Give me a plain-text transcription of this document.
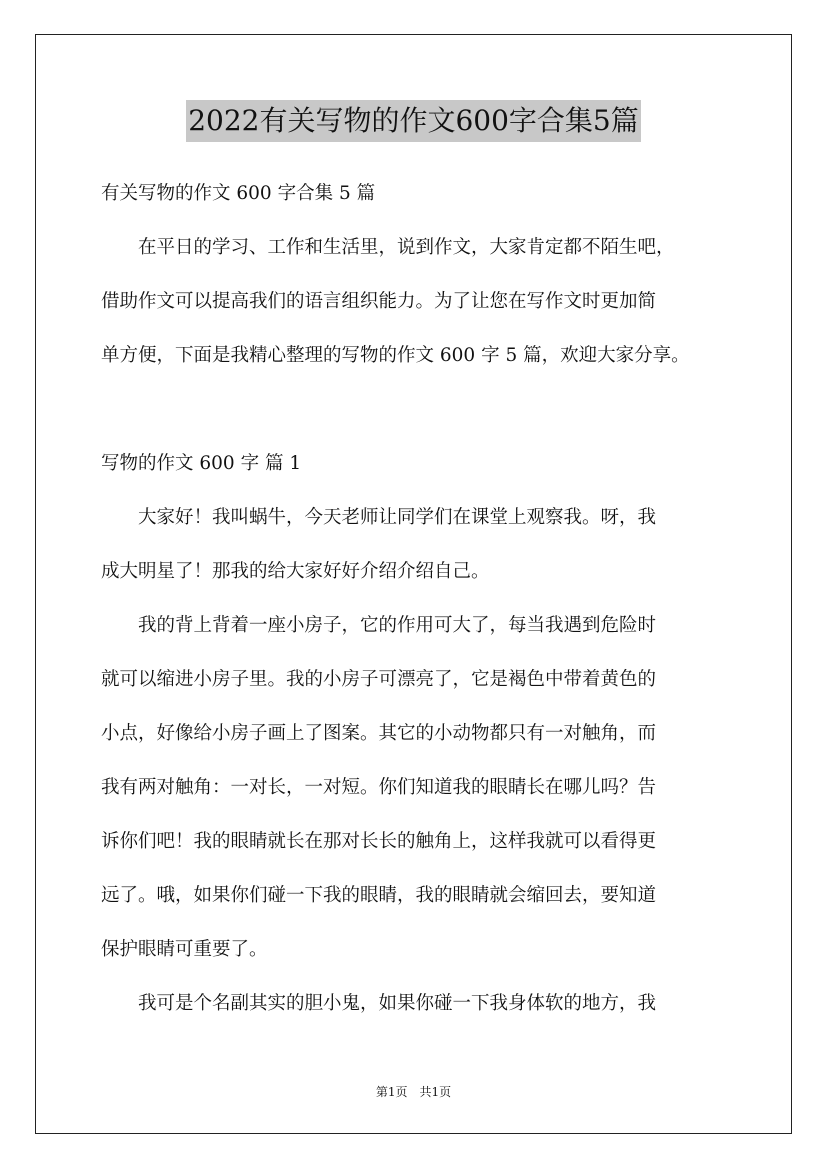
2022有关写物的作文600字合集5篇
有关写物的作文 600 字合集 5 篇
　　在平日的学习、工作和生活里，说到作文，大家肯定都不陌生吧，
借助作文可以提高我们的语言组织能力。为了让您在写作文时更加简
单方便，下面是我精心整理的写物的作文 600 字 5 篇，欢迎大家分享。
写物的作文 600 字 篇 1
　　大家好！我叫蜗牛，今天老师让同学们在课堂上观察我。呀，我
成大明星了！那我的给大家好好介绍介绍自己。
　　我的背上背着一座小房子，它的作用可大了，每当我遇到危险时
就可以缩进小房子里。我的小房子可漂亮了，它是褐色中带着黄色的
小点，好像给小房子画上了图案。其它的小动物都只有一对触角，而
我有两对触角：一对长，一对短。你们知道我的眼睛长在哪儿吗？告
诉你们吧！我的眼睛就长在那对长长的触角上，这样我就可以看得更
远了。哦，如果你们碰一下我的眼睛，我的眼睛就会缩回去，要知道
保护眼睛可重要了。
　　我可是个名副其实的胆小鬼，如果你碰一下我身体软的地方，我
第1页　共1页
